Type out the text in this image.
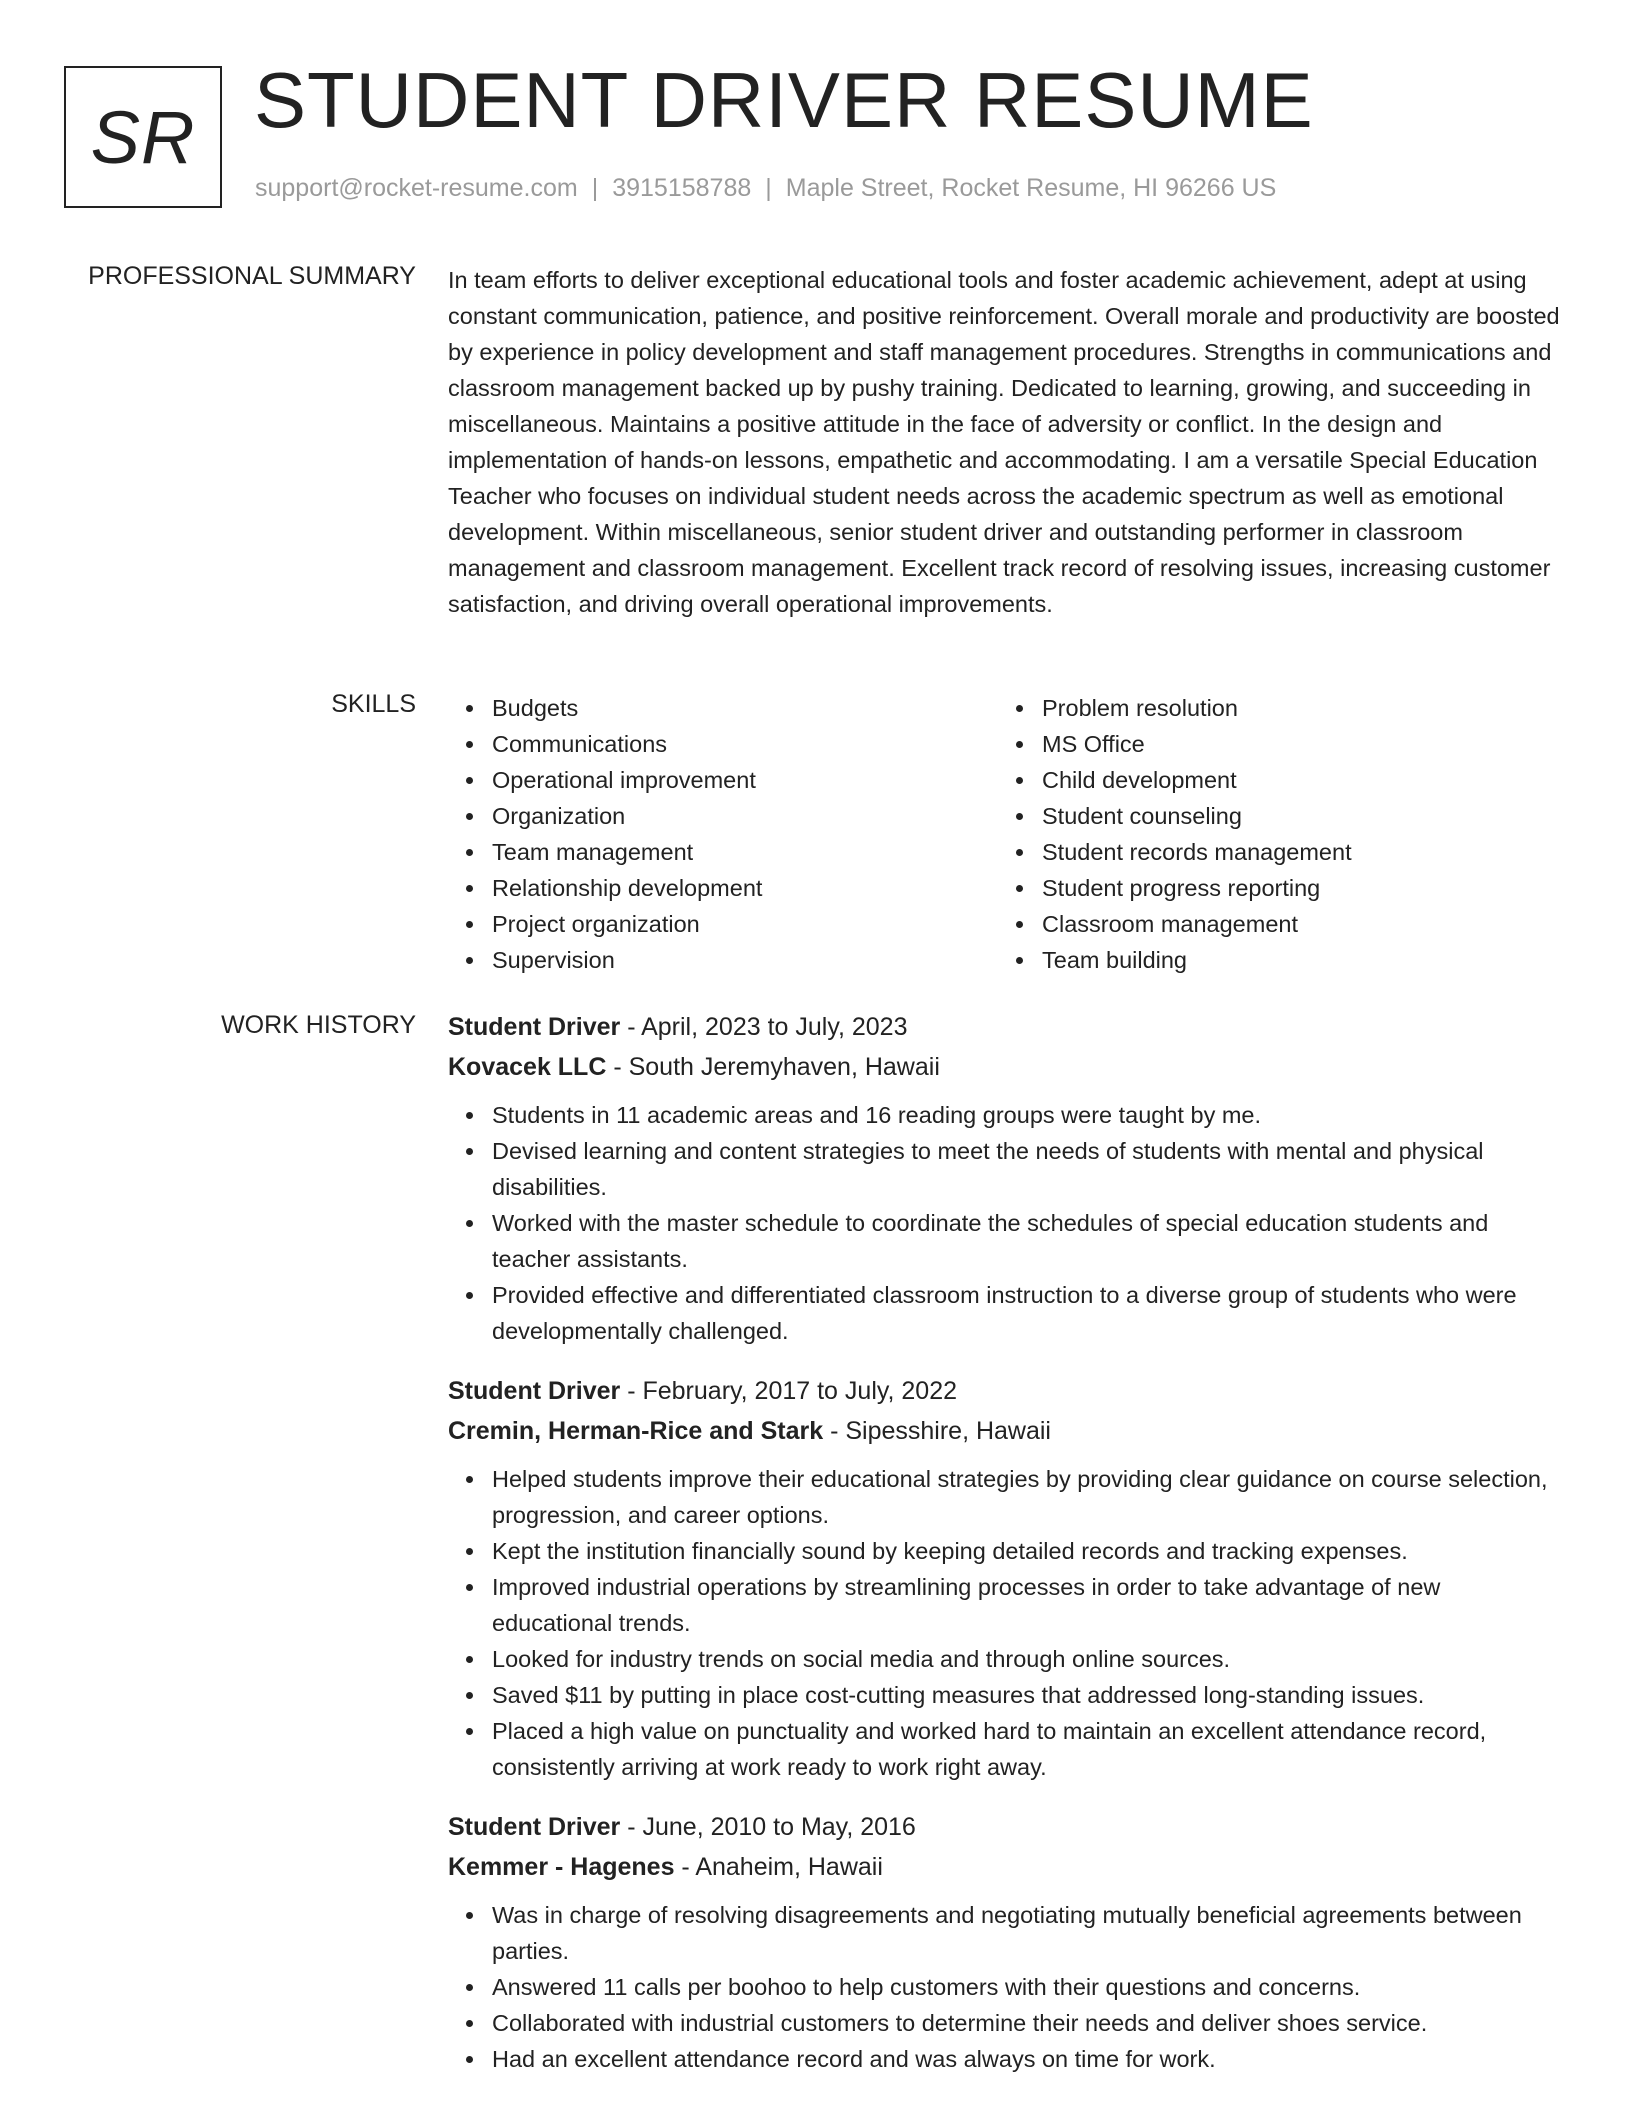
SR STUDENT DRIVER RESUME
support@rocket-resume.com | 3915158788 | Maple Street, Rocket Resume, HI 96266 US
PROFESSIONAL SUMMARY In team efforts to deliver exceptional educational tools and foster academic achievement, adept at using constant communication, patience, and positive reinforcement. Overall morale and productivity are boosted by experience in policy development and staff management procedures. Strengths in communications and classroom management backed up by pushy training. Dedicated to learning, growing, and succeeding in miscellaneous. Maintains a positive attitude in the face of adversity or conflict. In the design and implementation of hands-on lessons, empathetic and accommodating. I am a versatile Special Education Teacher who focuses on individual student needs across the academic spectrum as well as emotional development. Within miscellaneous, senior student driver and outstanding performer in classroom management and classroom management. Excellent track record of resolving issues, increasing customer satisfaction, and driving overall operational improvements.
SKILLS	Budgets
Communications
Operational improvement
Organization
Team management
Relationship development
Project organization
Supervision
Problem resolution
MS Office
Child development
Student counseling
Student records management
Student progress reporting
Classroom management
Team building
WORK HISTORY Student Driver - April, 2023 to July, 2023
Kovacek LLC - South Jeremyhaven, Hawaii
Students in 11 academic areas and 16 reading groups were taught by me.
Devised learning and content strategies to meet the needs of students with mental and physical disabilities.
Worked with the master schedule to coordinate the schedules of special education students and teacher assistants.
Provided effective and differentiated classroom instruction to a diverse group of students who were developmentally challenged.
Student Driver - February, 2017 to July, 2022
Cremin, Herman-Rice and Stark - Sipesshire, Hawaii
Helped students improve their educational strategies by providing clear guidance on course selection, progression, and career options.
Kept the institution financially sound by keeping detailed records and tracking expenses.
Improved industrial operations by streamlining processes in order to take advantage of new educational trends.
Looked for industry trends on social media and through online sources.
Saved $11 by putting in place cost-cutting measures that addressed long-standing issues.
Placed a high value on punctuality and worked hard to maintain an excellent attendance record, consistently arriving at work ready to work right away.
Student Driver - June, 2010 to May, 2016
Kemmer - Hagenes - Anaheim, Hawaii
Was in charge of resolving disagreements and negotiating mutually beneficial agreements between parties.
Answered 11 calls per boohoo to help customers with their questions and concerns.
Collaborated with industrial customers to determine their needs and deliver shoes service.
Had an excellent attendance record and was always on time for work.
